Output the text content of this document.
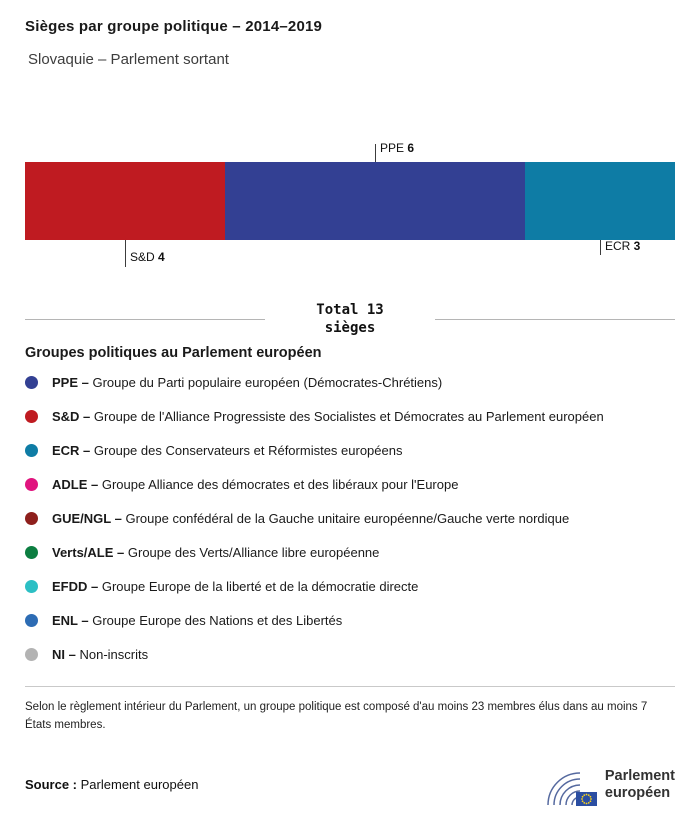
Sièges par groupe politique – 2014–2019
Slovaquie – Parlement sortant
S&D 4
PPE 6
ECR 3
Total 13
sièges
Groupes politiques au Parlement européen
PPE – Groupe du Parti populaire européen (Démocrates-Chrétiens)
S&D – Groupe de l'Alliance Progressiste des Socialistes et Démocrates au Parlement européen
ECR – Groupe des Conservateurs et Réformistes européens
ADLE – Groupe Alliance des démocrates et des libéraux pour l'Europe
GUE/NGL – Groupe confédéral de la Gauche unitaire européenne/Gauche verte nordique
Verts/ALE – Groupe des Verts/Alliance libre européenne
EFDD – Groupe Europe de la liberté et de la démocratie directe
ENL – Groupe Europe des Nations et des Libertés
NI – Non-inscrits
Selon le règlement intérieur du Parlement, un groupe politique est composé d'au moins 23 membres élus dans au moins 7 États membres.
Source : Parlement européen
Parlement
européen
